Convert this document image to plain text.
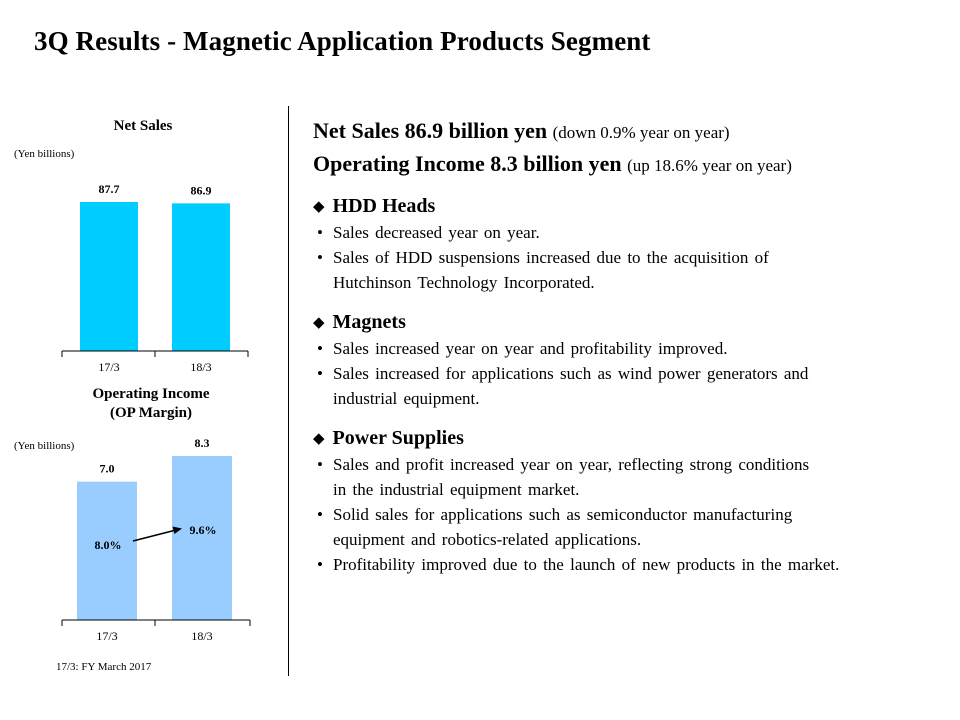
3Q Results - Magnetic Application Products Segment
Net Sales
(Yen billions)
87.7
17/3
86.9
18/3
Operating Income
(OP Margin)
(Yen billions)
7.0
17/3
8.3
18/3
8.0%
9.6%
17/3: FY March 2017
Net Sales 86.9 billion yen (down 0.9% year on year)
Operating Income 8.3 billion yen (up 18.6% year on year)
◆ HDD Heads
• Sales decreased year on year.
• Sales of HDD suspensions increased due to the acquisition of
Hutchinson Technology Incorporated.
◆ Magnets
• Sales increased year on year and profitability improved.
• Sales increased for applications such as wind power generators and
industrial equipment.
◆ Power Supplies
• Sales and profit increased year on year, reflecting strong conditions
in the industrial equipment market.
• Solid sales for applications such as semiconductor manufacturing
equipment and robotics-related applications.
• Profitability improved due to the launch of new products in the market.
